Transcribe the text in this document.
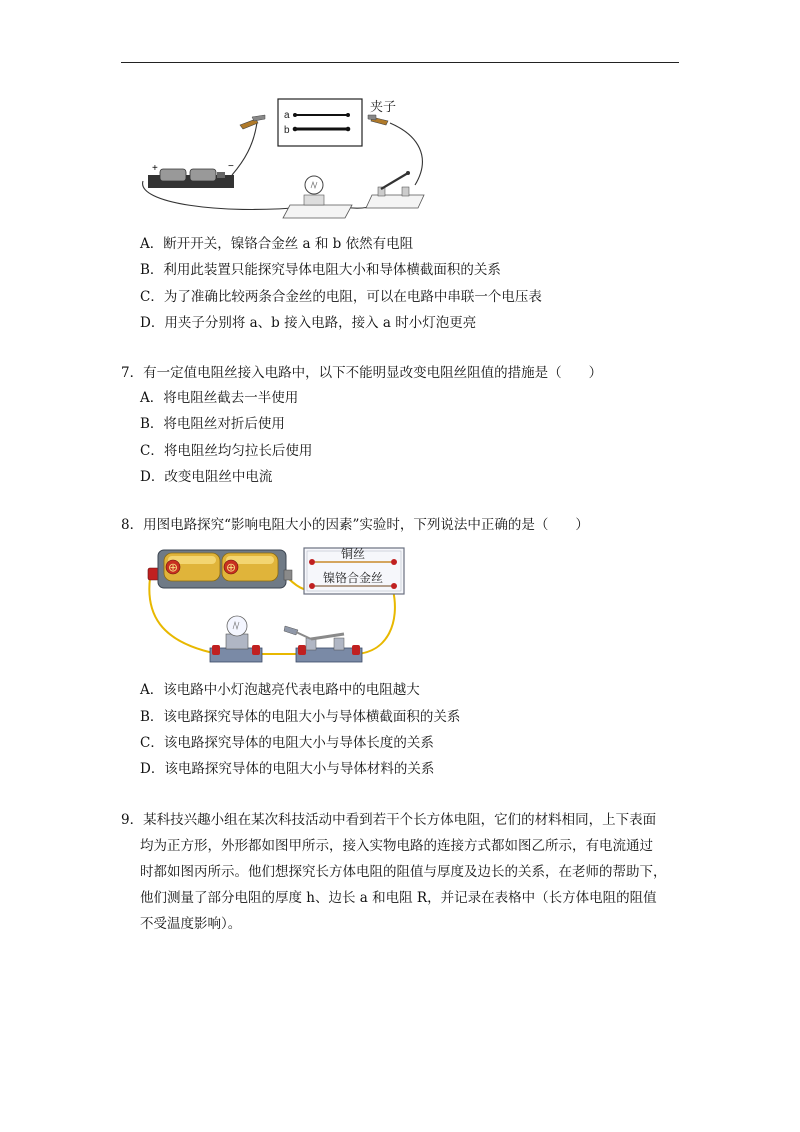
a
b
夹子
+	−
A．断开开关，镍铬合金丝 a 和 b 依然有电阻
B．利用此装置只能探究导体电阻大小和导体横截面积的关系
C．为了准确比较两条合金丝的电阻，可以在电路中串联一个电压表
D．用夹子分别将 a、b 接入电路，接入 a 时小灯泡更亮
7．有一定值电阻丝接入电路中，以下不能明显改变电阻丝阻值的措施是（　　）
A．将电阻丝截去一半使用
B．将电阻丝对折后使用
C．将电阻丝均匀拉长后使用
D．改变电阻丝中电流
8．用图电路探究“影响电阻大小的因素”实验时，下列说法中正确的是（　　）
⊕	⊕
铜丝
镍铬合金丝
A．该电路中小灯泡越亮代表电路中的电阻越大
B．该电路探究导体的电阻大小与导体横截面积的关系
C．该电路探究导体的电阻大小与导体长度的关系
D．该电路探究导体的电阻大小与导体材料的关系
9．某科技兴趣小组在某次科技活动中看到若干个长方体电阻，它们的材料相同，上下表面
均为正方形，外形都如图甲所示，接入实物电路的连接方式都如图乙所示，有电流通过
时都如图丙所示。他们想探究长方体电阻的阻值与厚度及边长的关系，在老师的帮助下，
他们测量了部分电阻的厚度 h、边长 a 和电阻 R，并记录在表格中（长方体电阻的阻值
不受温度影响）。
